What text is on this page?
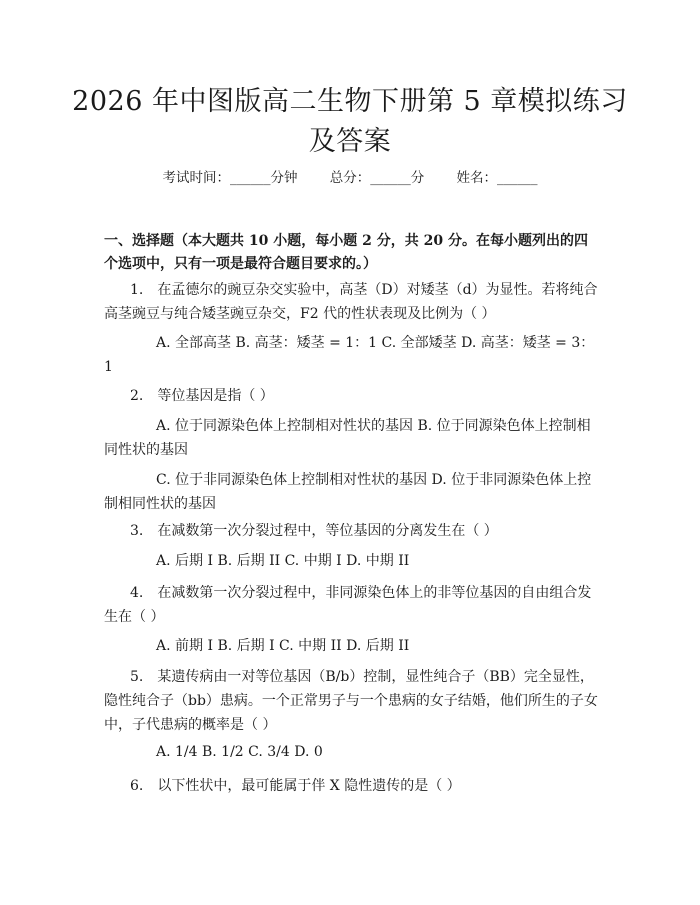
2026 年中图版高二生物下册第 5 章模拟练习
及答案
考试时间：______分钟 总分：______分 姓名：______
一、选择题（本大题共 10 小题，每小题 2 分，共 20 分。在每小题列出的四个选项中，只有一项是最符合题目要求的。）
1.　在孟德尔的豌豆杂交实验中，高茎（D）对矮茎（d）为显性。若将纯合高茎豌豆与纯合矮茎豌豆杂交，F2 代的性状表现及比例为（ ）
A. 全部高茎 B. 高茎：矮茎 = 1：1 C. 全部矮茎 D. 高茎：矮茎 = 3：1
2.　等位基因是指（ ）
A. 位于同源染色体上控制相对性状的基因 B. 位于同源染色体上控制相同性状的基因
C. 位于非同源染色体上控制相对性状的基因 D. 位于非同源染色体上控制相同性状的基因
3.　在减数第一次分裂过程中，等位基因的分离发生在（ ）
A. 后期 I B. 后期 II C. 中期 I D. 中期 II
4.　在减数第一次分裂过程中，非同源染色体上的非等位基因的自由组合发生在（ ）
A. 前期 I B. 后期 I C. 中期 II D. 后期 II
5.　某遗传病由一对等位基因（B/b）控制，显性纯合子（BB）完全显性，隐性纯合子（bb）患病。一个正常男子与一个患病的女子结婚，他们所生的子女中，子代患病的概率是（ ）
A. 1/4 B. 1/2 C. 3/4 D. 0
6.　以下性状中，最可能属于伴 X 隐性遗传的是（ ）
